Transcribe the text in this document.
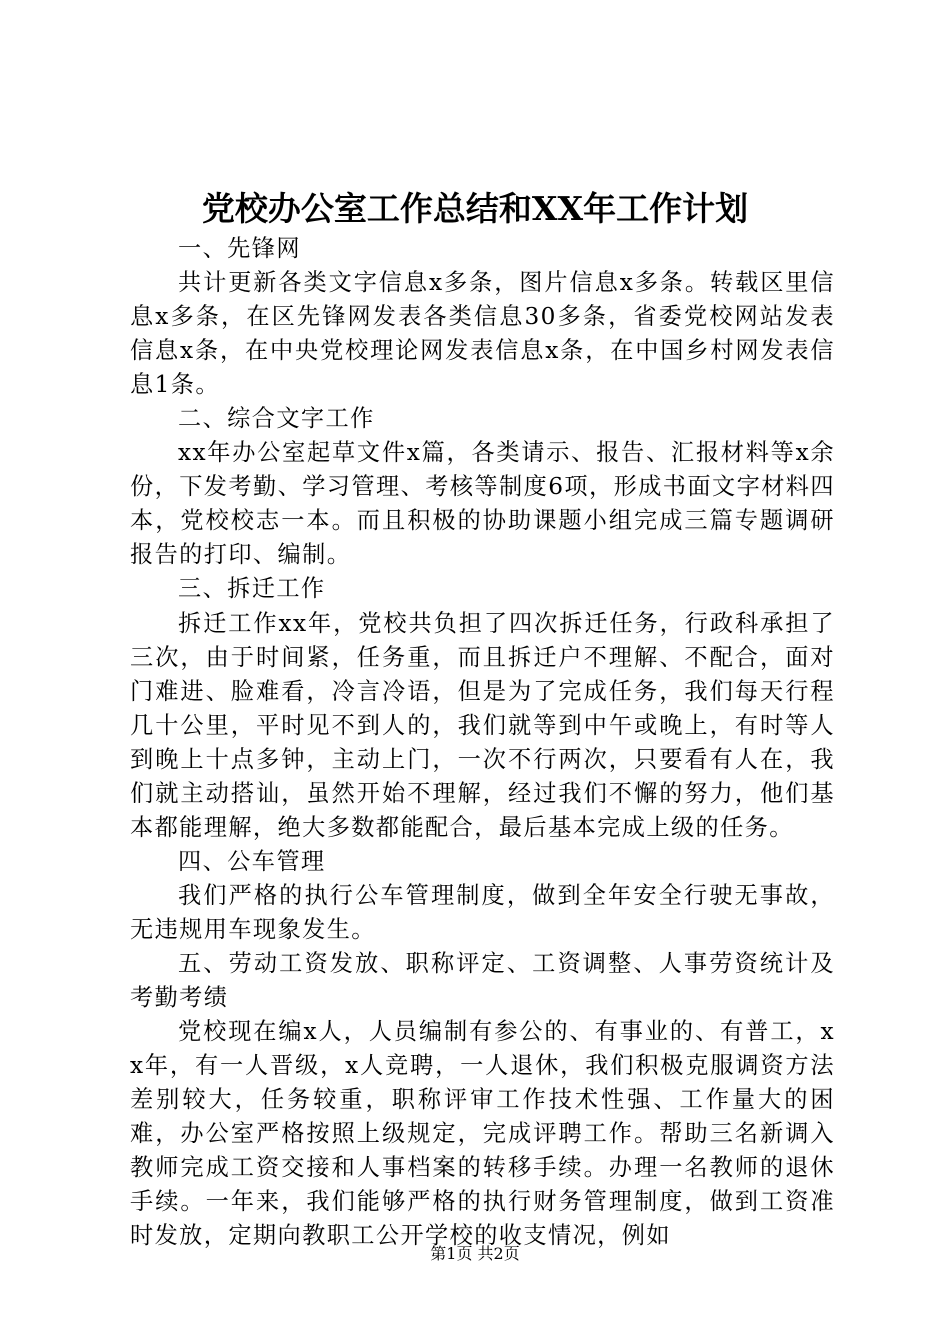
党校办公室工作总结和XX年工作计划

一、先锋网

共计更新各类文字信息x多条，图片信息x多条。转载区里信息x多条，在区先锋网发表各类信息30多条，省委党校网站发表信息x条，在中央党校理论网发表信息x条，在中国乡村网发表信息1条。

二、综合文字工作

xx年办公室起草文件x篇，各类请示、报告、汇报材料等x余份，下发考勤、学习管理、考核等制度6项，形成书面文字材料四本，党校校志一本。而且积极的协助课题小组完成三篇专题调研报告的打印、编制。

三、拆迁工作

拆迁工作xx年，党校共负担了四次拆迁任务，行政科承担了三次，由于时间紧，任务重，而且拆迁户不理解、不配合，面对门难进、脸难看，冷言冷语，但是为了完成任务，我们每天行程几十公里，平时见不到人的，我们就等到中午或晚上，有时等人到晚上十点多钟，主动上门，一次不行两次，只要看有人在，我们就主动搭讪，虽然开始不理解，经过我们不懈的努力，他们基本都能理解，绝大多数都能配合，最后基本完成上级的任务。

四、公车管理

我们严格的执行公车管理制度，做到全年安全行驶无事故，无违规用车现象发生。

五、劳动工资发放、职称评定、工资调整、人事劳资统计及考勤考绩

党校现在编x人，人员编制有参公的、有事业的、有普工，xx年，有一人晋级，x人竞聘，一人退休，我们积极克服调资方法差别较大，任务较重，职称评审工作技术性强、工作量大的困难，办公室严格按照上级规定，完成评聘工作。帮助三名新调入教师完成工资交接和人事档案的转移手续。办理一名教师的退休手续。一年来，我们能够严格的执行财务管理制度，做到工资准时发放，定期向教职工公开学校的收支情况，例如

第1页 共2页
